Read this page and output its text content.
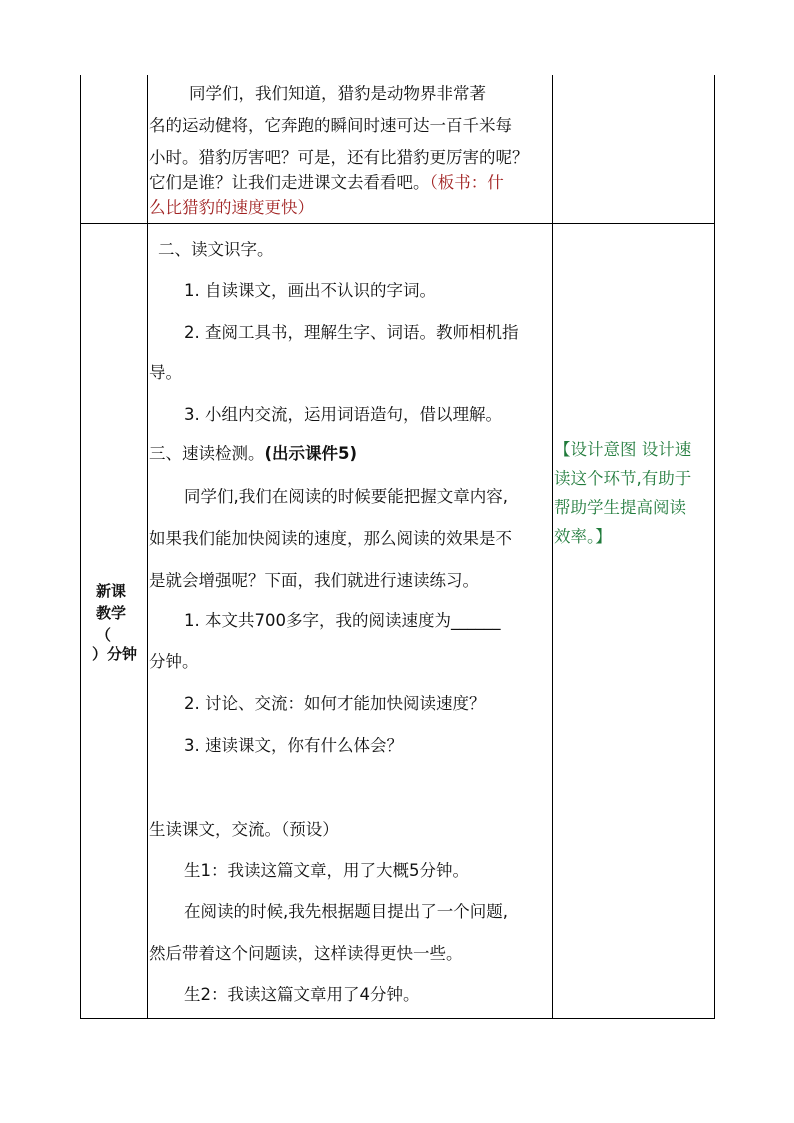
同学们，我们知道，猎豹是动物界非常著
名的运动健将，它奔跑的瞬间时速可达一百千米每
小时。猎豹厉害吧？可是，还有比猎豹更厉害的呢？
它们是谁？让我们走进课文去看看吧。（板书：什
么比猎豹的速度更快）
新课
教学
（
）分钟
二、读文识字。
1. 自读课文，画出不认识的字词。
2. 查阅工具书，理解生字、词语。教师相机指
导。
3. 小组内交流，运用词语造句，借以理解。
三、速读检测。(出示课件5)
同学们,我们在阅读的时候要能把握文章内容,
如果我们能加快阅读的速度，那么阅读的效果是不
是就会增强呢？下面，我们就进行速读练习。
1. 本文共700多字，我的阅读速度为______
分钟。
2. 讨论、交流：如何才能加快阅读速度？
3. 速读课文，你有什么体会？
生读课文，交流。（预设）
生1：我读这篇文章，用了大概5分钟。
在阅读的时候,我先根据题目提出了一个问题,
然后带着这个问题读，这样读得更快一些。
生2：我读这篇文章用了4分钟。
【设计意图 设计速
读这个环节,有助于
帮助学生提高阅读
效率。】
